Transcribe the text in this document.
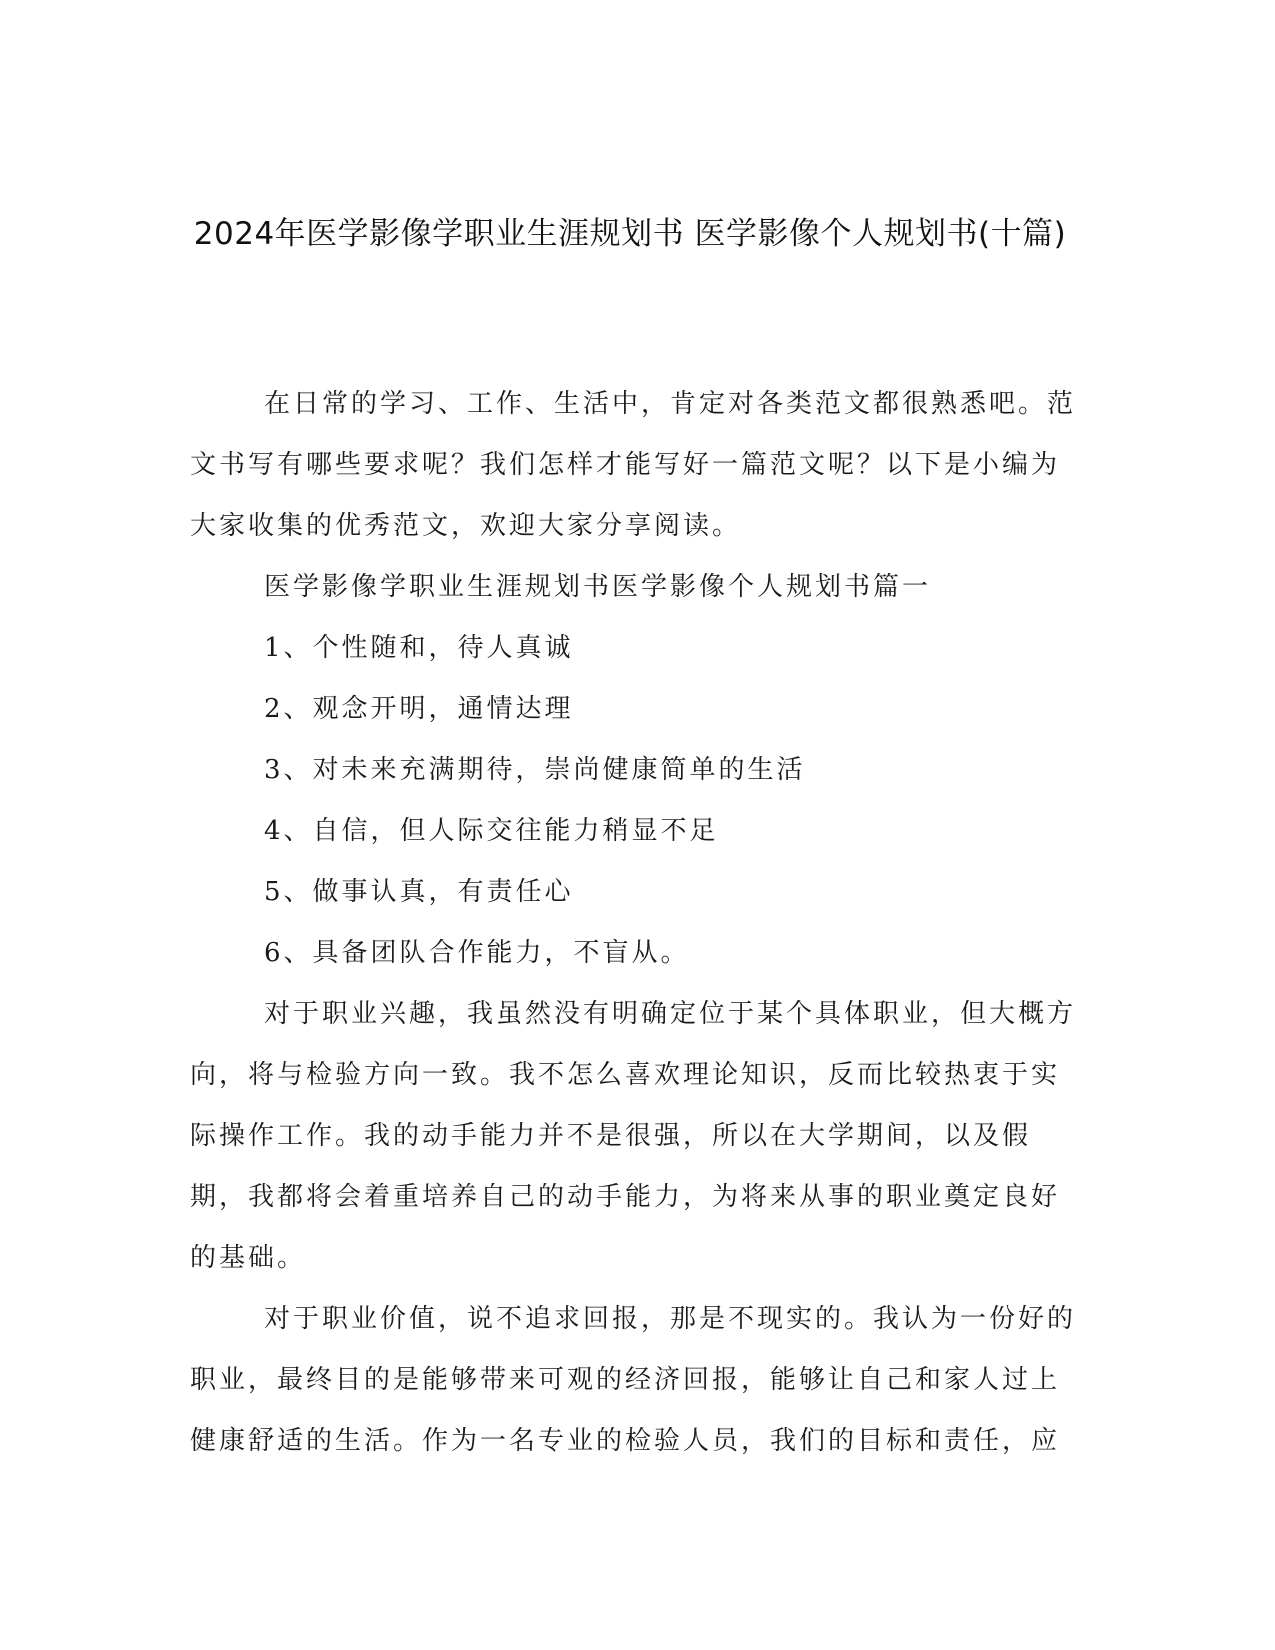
2024年医学影像学职业生涯规划书 医学影像个人规划书(十篇)

在日常的学习、工作、生活中，肯定对各类范文都很熟悉吧。范文书写有哪些要求呢？我们怎样才能写好一篇范文呢？以下是小编为大家收集的优秀范文，欢迎大家分享阅读。

医学影像学职业生涯规划书医学影像个人规划书篇一

1、个性随和，待人真诚

2、观念开明，通情达理

3、对未来充满期待，崇尚健康简单的生活

4、自信，但人际交往能力稍显不足

5、做事认真，有责任心

6、具备团队合作能力，不盲从。

对于职业兴趣，我虽然没有明确定位于某个具体职业，但大概方向，将与检验方向一致。我不怎么喜欢理论知识，反而比较热衷于实际操作工作。我的动手能力并不是很强，所以在大学期间，以及假期，我都将会着重培养自己的动手能力，为将来从事的职业奠定良好的基础。

对于职业价值，说不追求回报，那是不现实的。我认为一份好的职业，最终目的是能够带来可观的经济回报，能够让自己和家人过上健康舒适的生活。作为一名专业的检验人员，我们的目标和责任，应
